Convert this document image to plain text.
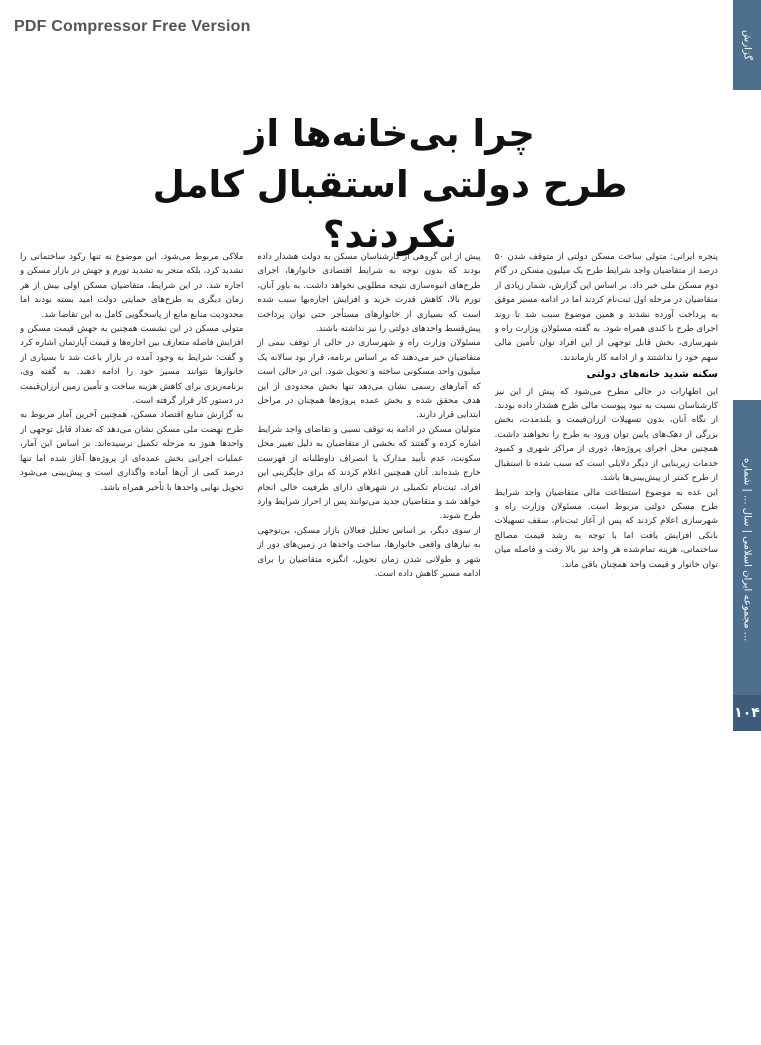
PDF Compressor Free Version
گزارش
مجموعه ایران اسلامی | سال ... | شماره ...
۱۰۴
چرا بی‌خانه‌ها از
طرح دولتی استقبال کامل نکردند؟

پنجره ایرانی: متولی ساخت مسکن دولتی از متوقف شدن ۵۰ درصد از متقاضیان واجد شرایط طرح یک میلیون مسکن در گام دوم مسکن ملی خبر داد. بر اساس این گزارش، شمار زیادی از متقاضیان در مرحله اول ثبت‌نام کردند اما در ادامه مسیر موفق به پرداخت آورده نشدند و همین موضوع سبب شد تا روند اجرای طرح با کندی همراه شود. به گفته مسئولان وزارت راه و شهرسازی، بخش قابل توجهی از این افراد توان تأمین مالی سهم خود را نداشتند و از ادامه کار بازماندند.

سکنه شدید خانه‌های دولتی

این اظهارات در حالی مطرح می‌شود که پیش از این نیز کارشناسان نسبت به نبود پیوست مالی طرح هشدار داده بودند. از نگاه آنان، بدون تسهیلات ارزان‌قیمت و بلندمدت، بخش بزرگی از دهک‌های پایین توان ورود به طرح را نخواهند داشت. همچنین محل اجرای پروژه‌ها، دوری از مراکز شهری و کمبود خدمات زیربنایی از دیگر دلایلی است که سبب شده تا استقبال از طرح کمتر از پیش‌بینی‌ها باشد.

این عده به موضوع استطاعت مالی متقاضیان واجد شرایط طرح مسکن دولتی مربوط است. مسئولان وزارت راه و شهرسازی اعلام کردند که پس از آغاز ثبت‌نام، سقف تسهیلات بانکی افزایش یافت اما با توجه به رشد قیمت مصالح ساختمانی، هزینه تمام‌شده هر واحد نیز بالا رفت و فاصله میان توان خانوار و قیمت واحد همچنان باقی ماند.

پیش از این گروهی از کارشناسان مسکن به دولت هشدار داده بودند که بدون توجه به شرایط اقتصادی خانوارها، اجرای طرح‌های انبوه‌سازی نتیجه مطلوبی نخواهد داشت. به باور آنان، تورم بالا، کاهش قدرت خرید و افزایش اجاره‌بها سبب شده است که بسیاری از خانوارهای مستأجر حتی توان پرداخت پیش‌قسط واحدهای دولتی را نیز نداشته باشند.

مسئولان وزارت راه و شهرسازی در حالی از توقف نیمی از متقاضیان خبر می‌دهند که بر اساس برنامه، قرار بود سالانه یک میلیون واحد مسکونی ساخته و تحویل شود. این در حالی است که آمارهای رسمی نشان می‌دهد تنها بخش محدودی از این هدف محقق شده و بخش عمده پروژه‌ها همچنان در مراحل ابتدایی قرار دارند.

متولیان مسکن در ادامه به توقف نسبی و تقاضای واجد شرایط اشاره کرده و گفتند که بخشی از متقاضیان به دلیل تغییر محل سکونت، عدم تأیید مدارک یا انصراف داوطلبانه از فهرست خارج شده‌اند. آنان همچنین اعلام کردند که برای جایگزینی این افراد، ثبت‌نام تکمیلی در شهرهای دارای ظرفیت خالی انجام خواهد شد و متقاضیان جدید می‌توانند پس از احراز شرایط وارد طرح شوند.

از سوی دیگر، بر اساس تحلیل فعالان بازار مسکن، بی‌توجهی به نیازهای واقعی خانوارها، ساخت واحدها در زمین‌های دور از شهر و طولانی شدن زمان تحویل، انگیزه متقاضیان را برای ادامه مسیر کاهش داده است.

ملاکی مربوط می‌شود. این موضوع نه تنها رکود ساختمانی را تشدید کرد، بلکه منجر به تشدید تورم و جهش در بازار مسکن و اجاره شد. در این شرایط، متقاضیان مسکن اولی بیش از هر زمان دیگری به طرح‌های حمایتی دولت امید بسته بودند اما محدودیت منابع مانع از پاسخگویی کامل به این تقاضا شد.

متولی مسکن در این نشست همچنین به جهش قیمت مسکن و افزایش فاصله متعارف بین اجاره‌ها و قیمت آپارتمان اشاره کرد و گفت: شرایط به وجود آمده در بازار باعث شد تا بسیاری از خانوارها نتوانند مسیر خود را ادامه دهند. به گفته وی، برنامه‌ریزی برای کاهش هزینه ساخت و تأمین زمین ارزان‌قیمت در دستور کار قرار گرفته است.

به گزارش منابع اقتصاد مسکن، همچنین آخرین آمار مربوط به طرح نهضت ملی مسکن نشان می‌دهد که تعداد قابل توجهی از واحدها هنوز به مرحله تکمیل نرسیده‌اند. بر اساس این آمار، عملیات اجرایی بخش عمده‌ای از پروژه‌ها آغاز شده اما تنها درصد کمی از آن‌ها آماده واگذاری است و پیش‌بینی می‌شود تحویل نهایی واحدها با تأخیر همراه باشد.
